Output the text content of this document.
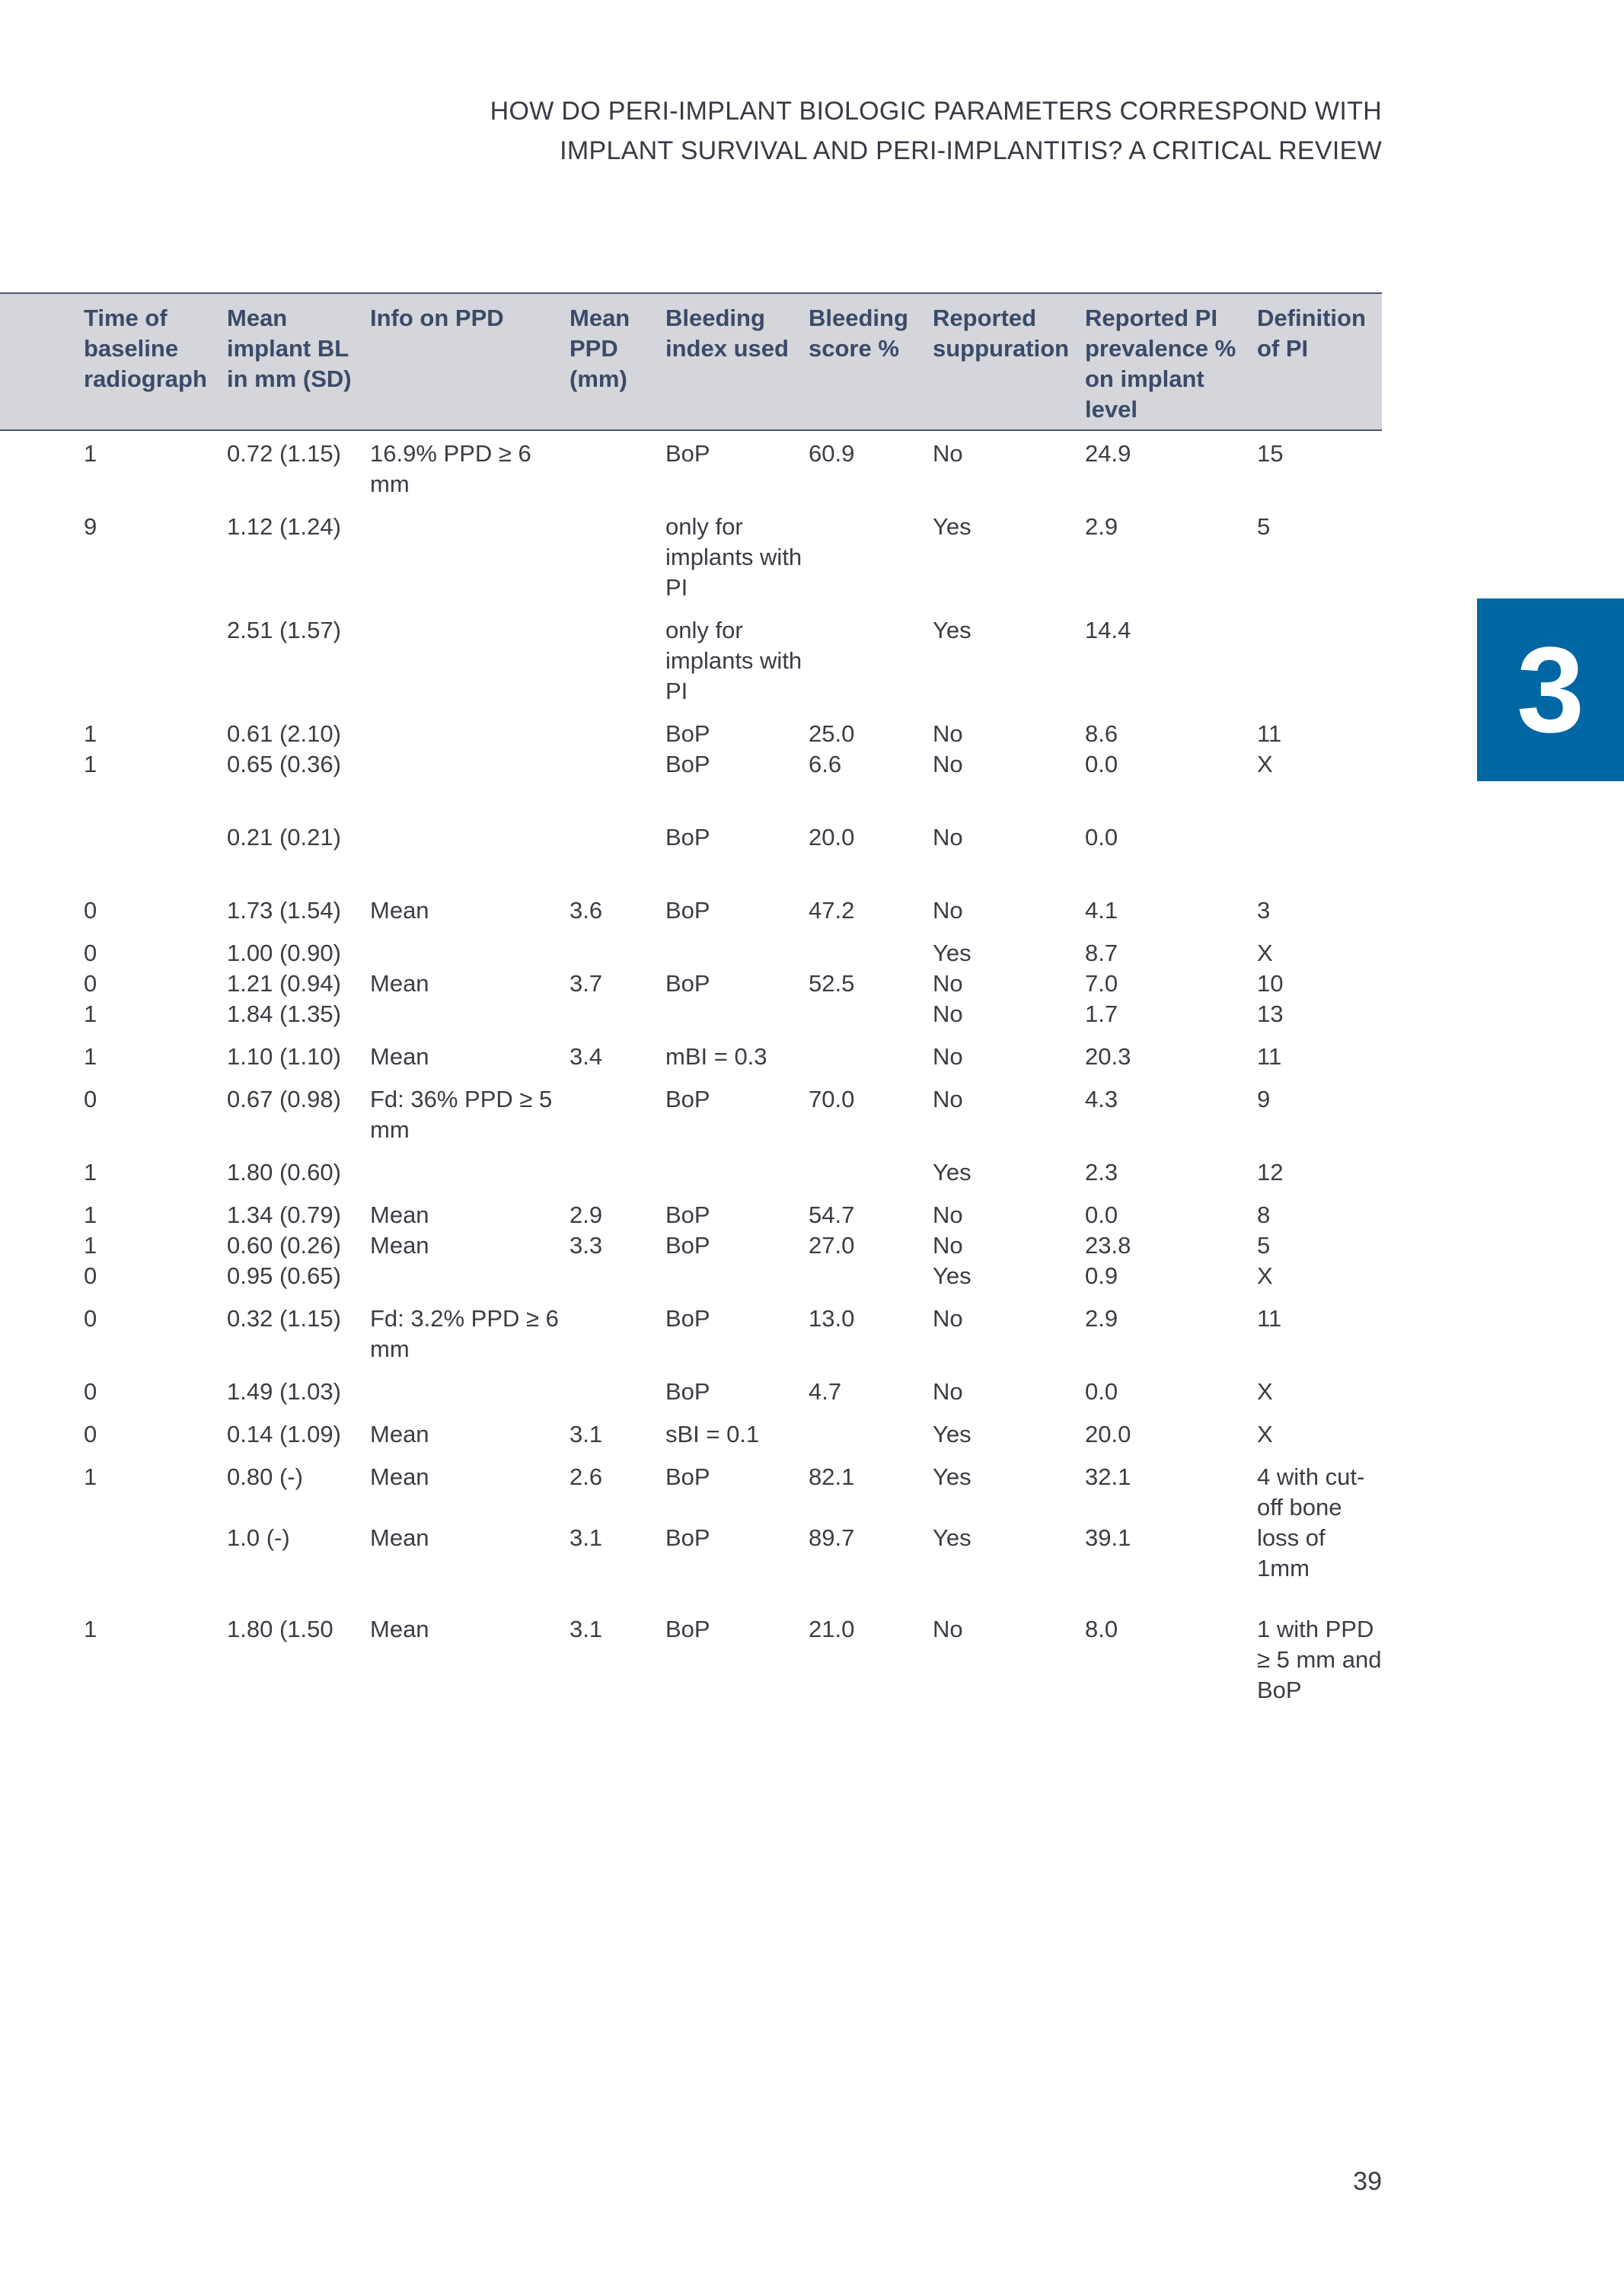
HOW DO PERI-IMPLANT BIOLOGIC PARAMETERS CORRESPOND WITH
IMPLANT SURVIVAL AND PERI-IMPLANTITIS? A CRITICAL REVIEW
3
	Time of baseline radiograph	Mean implant BL in mm (SD)	Info on PPD	Mean PPD (mm)	Bleeding index used	Bleeding score %	Reported suppuration	Reported PI prevalence % on implant level	Definition of PI

	1	0.72 (1.15)	16.9% PPD ≥ 6 mm		BoP	60.9	No	24.9	15

	9	1.12 (1.24)			only for implants with PI		Yes	2.9	5

		2.51 (1.57)			only for implants with PI		Yes	14.4	

	1	0.61 (2.10)			BoP	25.0	No	8.6	11
	1	0.65 (0.36)			BoP	6.6	No	0.0	X

		0.21 (0.21)			BoP	20.0	No	0.0	

	0	1.73 (1.54)	Mean	3.6	BoP	47.2	No	4.1	3

	0	1.00 (0.90)					Yes	8.7	X
	0	1.21 (0.94)	Mean	3.7	BoP	52.5	No	7.0	10
	1	1.84 (1.35)					No	1.7	13

	1	1.10 (1.10)	Mean	3.4	mBI = 0.3		No	20.3	11

	0	0.67 (0.98)	Fd: 36% PPD ≥ 5 mm		BoP	70.0	No	4.3	9

	1	1.80 (0.60)					Yes	2.3	12

	1	1.34 (0.79)	Mean	2.9	BoP	54.7	No	0.0	8
	1	0.60 (0.26)	Mean	3.3	BoP	27.0	No	23.8	5
	0	0.95 (0.65)					Yes	0.9	X

	0	0.32 (1.15)	Fd: 3.2% PPD ≥ 6 mm		BoP	13.0	No	2.9	11

	0	1.49 (1.03)			BoP	4.7	No	0.0	X

	0	0.14 (1.09)	Mean	3.1	sBI = 0.1		Yes	20.0	X

	1	0.80 (-)	Mean	2.6	BoP	82.1	Yes	32.1	4 with cut-off bone loss of 1mm
		1.0 (-)	Mean	3.1	BoP	89.7	Yes	39.1	

	1	1.80 (1.50	Mean	3.1	BoP	21.0	No	8.0	1 with PPD ≥ 5 mm and BoP
39
